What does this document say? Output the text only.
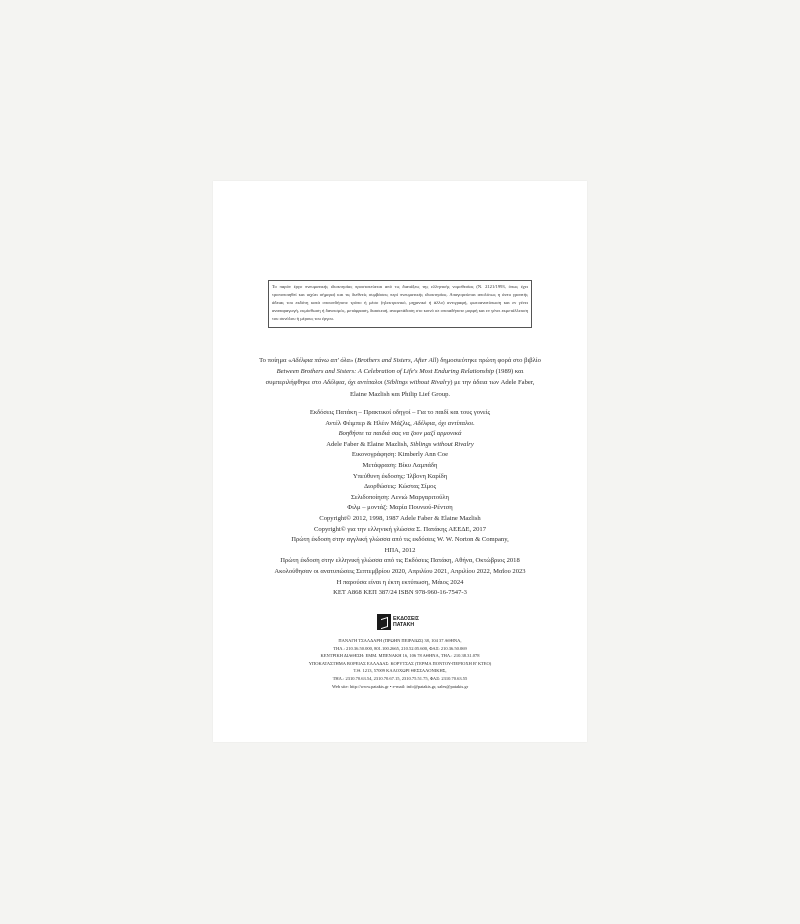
Το παρόν έργο πνευματικής ιδιοκτησίας προστατεύεται από τις διατάξεις της ελληνικής νομοθεσίας (Ν. 2121/1993, όπως έχει τροποποιηθεί και ισχύει σήμερα) και τις διεθνείς συμβάσεις περί πνευματικής ιδιοκτησίας. Απαγορεύεται απολύτως η άνευ γραπτής άδειας του εκδότη κατά οποιονδήποτε τρόπο ή μέσο (ηλεκτρονικό, μηχανικό ή άλλο) αντιγραφή, φωτοανατύπωση και εν γένει αναπαραγωγή, εκμίσθωση ή δανεισμός, μετάφραση, διασκευή, αναμετάδοση στο κοινό σε οποιαδήποτε μορφή και εν γένει εκμετάλλευση του συνόλου ή μέρους του έργου.
Το ποίημα «Αδέλφια πάνω απ' όλα» (Brothers and Sisters, After All) δημοσιεύτηκε πρώτη φορά στο βιβλίο Between Brothers and Sisters: A Celebration of Life's Most Enduring Relationship (1989) και συμπεριλήφθηκε στο Αδέλφια, όχι αντίπαλοι (Siblings without Rivalry) με την άδεια των Adele Faber, Elaine Mazlish και Philip Lief Group.
Εκδόσεις Πατάκη – Πρακτικοί οδηγοί – Για το παιδί και τους γονείς
Αντέλ Φέιμπερ & Ηλέιν Μάζλις, Αδέλφια, όχι αντίπαλοι.
Βοηθήστε τα παιδιά σας να ζουν μαζί αρμονικά
Adele Faber & Elaine Mazlish, Siblings without Rivalry
Εικονογράφηση: Kimberly Ann Coe
Μετάφραση: Βίκυ Λαμπάδη
Υπεύθυνη έκδοσης: Ίλβονη Καρίδη
Διορθώσεις: Κώστας Σίμος
Σελιδοποίηση: Λενιώ Μαργαριτούλη
Φιλμ – μοντάζ: Μαρία Πουνιού-Ρέντση
Copyright© 2012, 1998, 1987 Adele Faber & Elaine Mazlish
Copyright© για την ελληνική γλώσσα Σ. Πατάκης ΑΕΕΔΕ, 2017
Πρώτη έκδοση στην αγγλική γλώσσα από τις εκδόσεις W. W. Norton & Company,
ΗΠΑ, 2012
Πρώτη έκδοση στην ελληνική γλώσσα από τις Εκδόσεις Πατάκη, Αθήνα, Οκτώβριος 2018
Ακολούθησαν οι ανατυπώσεις Σεπτεμβρίου 2020, Απριλίου 2021, Απριλίου 2022, Μαΐου 2023
Η παρούσα είναι η έκτη εκτύπωση, Μάιος 2024
ΚΕΤ Α868 ΚΕΠ 387/24 ISBN 978-960-16-7547-3
ΕΚΔΟΣΕΙΣ
ΠΑΤΑΚΗ
ΠΑΝΑΓΗ ΤΣΑΛΔΑΡΗ (ΠΡΩΗΝ ΠΕΙΡΑΙΩΣ) 38, 104 37 ΑΘΗΝΑ,
ΤΗΛ.: 210.36.50.000, 801.100.2665, 210.52.05.600, ΦΑΞ: 210.36.50.069
ΚΕΝΤΡΙΚΗ ΔΙΑΘΕΣΗ: ΕΜΜ. ΜΠΕΝΑΚΗ 16, 106 78 ΑΘΗΝΑ, ΤΗΛ.: 210.38.31.078
ΥΠΟΚΑΤΑΣΤΗΜΑ ΒΟΡΕΙΑΣ ΕΛΛΑΔΑΣ: ΚΟΡΥΤΣΑΣ (ΤΕΡΜΑ ΠΟΝΤΟΥ-ΠΕΡΙΟΧΗ Β' ΚΤΕΟ)
Τ.Θ. 1213, 57009 ΚΑΛΟΧΩΡΙ ΘΕΣΣΑΛΟΝΙΚΗΣ,
ΤΗΛ.: 2310.70.63.54, 2310.70.67.15, 2310.75.51.75, ΦΑΞ: 2310.70.63.55
Web site: http://www.patakis.gr • e-mail: info@patakis.gr, sales@patakis.gr
